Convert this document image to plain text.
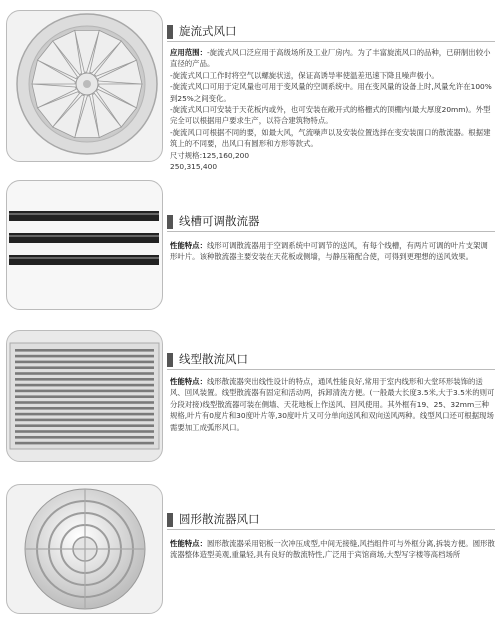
旋流式风口

应用范围：-旋流式风口泛应用于高级场所及工业厂房内。为了丰富旋流风口的品种，已研制出较小直径的产品。

-旋流式风口工作时将空气以螺旋状送，保证高诱导率使温差迅速下降且噪声极小。

-旋流式风口可用于定风量也可用于变风量的空调系统中。用在变风量的设备上时,风量允许在100%到25%之间变化。

-旋流式风口可安装于天花板内或外，也可安装在敞开式的格栅式的顶棚内(最大厚度20mm)。外型完全可以根据用户要求生产，以符合建筑物特点。

-旋流风口可根据不同的要，如最大风，气流噪声以及安装位置选择在变安装面口的散流器。根据建筑上的不同要，出风口有圆形和方形等款式。

尺寸规格:125,160,200

250,315,400

线槽可调散流器

性能特点：线形可调散流器用于空调系统中可调节的送风，有每个线槽，有两片可调的叶片支架调形叶片。该种散流器主要安装在天花板或侧墙，与静压箱配合使，可得到更理想的送风效果。

线型散流风口

性能特点：线形散流器突出线性设计的特点，通风性能良好,常用于室内线形和大堂环形装饰的送风、回风装置。线型散流器有固定和活动两，拆卸清洗方便。(一般最大长度3.5米,大于3.5米的则可分段对接)线型散流器可装在侧墙、天花地板上作送风、回风使用。其外框有19、25、32mm三种规格,叶片有0度片和30度叶片等,30度叶片又可分单向送风和双向送风两种。线型风口还可根据现场需要加工成弧形风口。

圆形散流器风口

性能特点：圆形散流器采用铝板一次冲压成型,中间无接缝,风挡组件可与外框分离,拆装方便。圆形散流器整体造型美观,重量轻,具有良好的散流特性,广泛用于宾馆商场,大型写字楼等高档场所
